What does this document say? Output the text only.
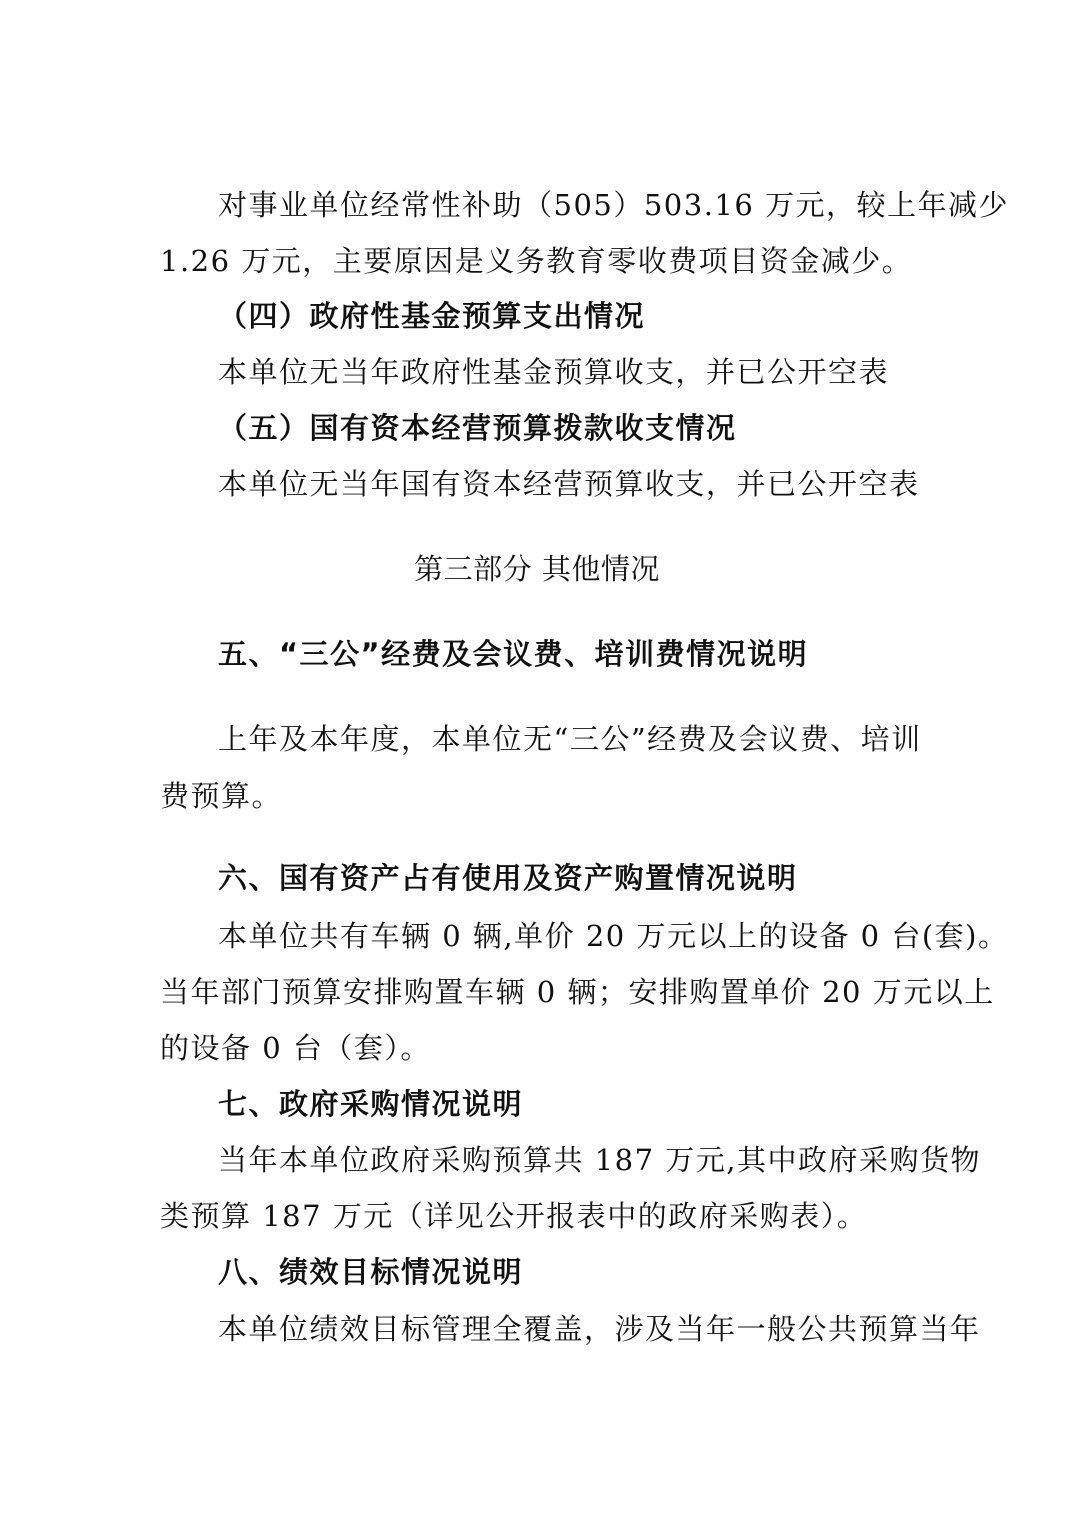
对事业单位经常性补助（505）503.16 万元，较上年减少
1.26 万元，主要原因是义务教育零收费项目资金减少。
（四）政府性基金预算支出情况
本单位无当年政府性基金预算收支，并已公开空表
（五）国有资本经营预算拨款收支情况
本单位无当年国有资本经营预算收支，并已公开空表
第三部分 其他情况
五、“三公”经费及会议费、培训费情况说明
上年及本年度，本单位无“三公”经费及会议费、培训
费预算。
六、国有资产占有使用及资产购置情况说明
本单位共有车辆 0 辆,单价 20 万元以上的设备 0 台(套)。
当年部门预算安排购置车辆 0 辆；安排购置单价 20 万元以上
的设备 0 台（套）。
七、政府采购情况说明
当年本单位政府采购预算共 187 万元,其中政府采购货物
类预算 187 万元（详见公开报表中的政府采购表）。
八、绩效目标情况说明
本单位绩效目标管理全覆盖，涉及当年一般公共预算当年
